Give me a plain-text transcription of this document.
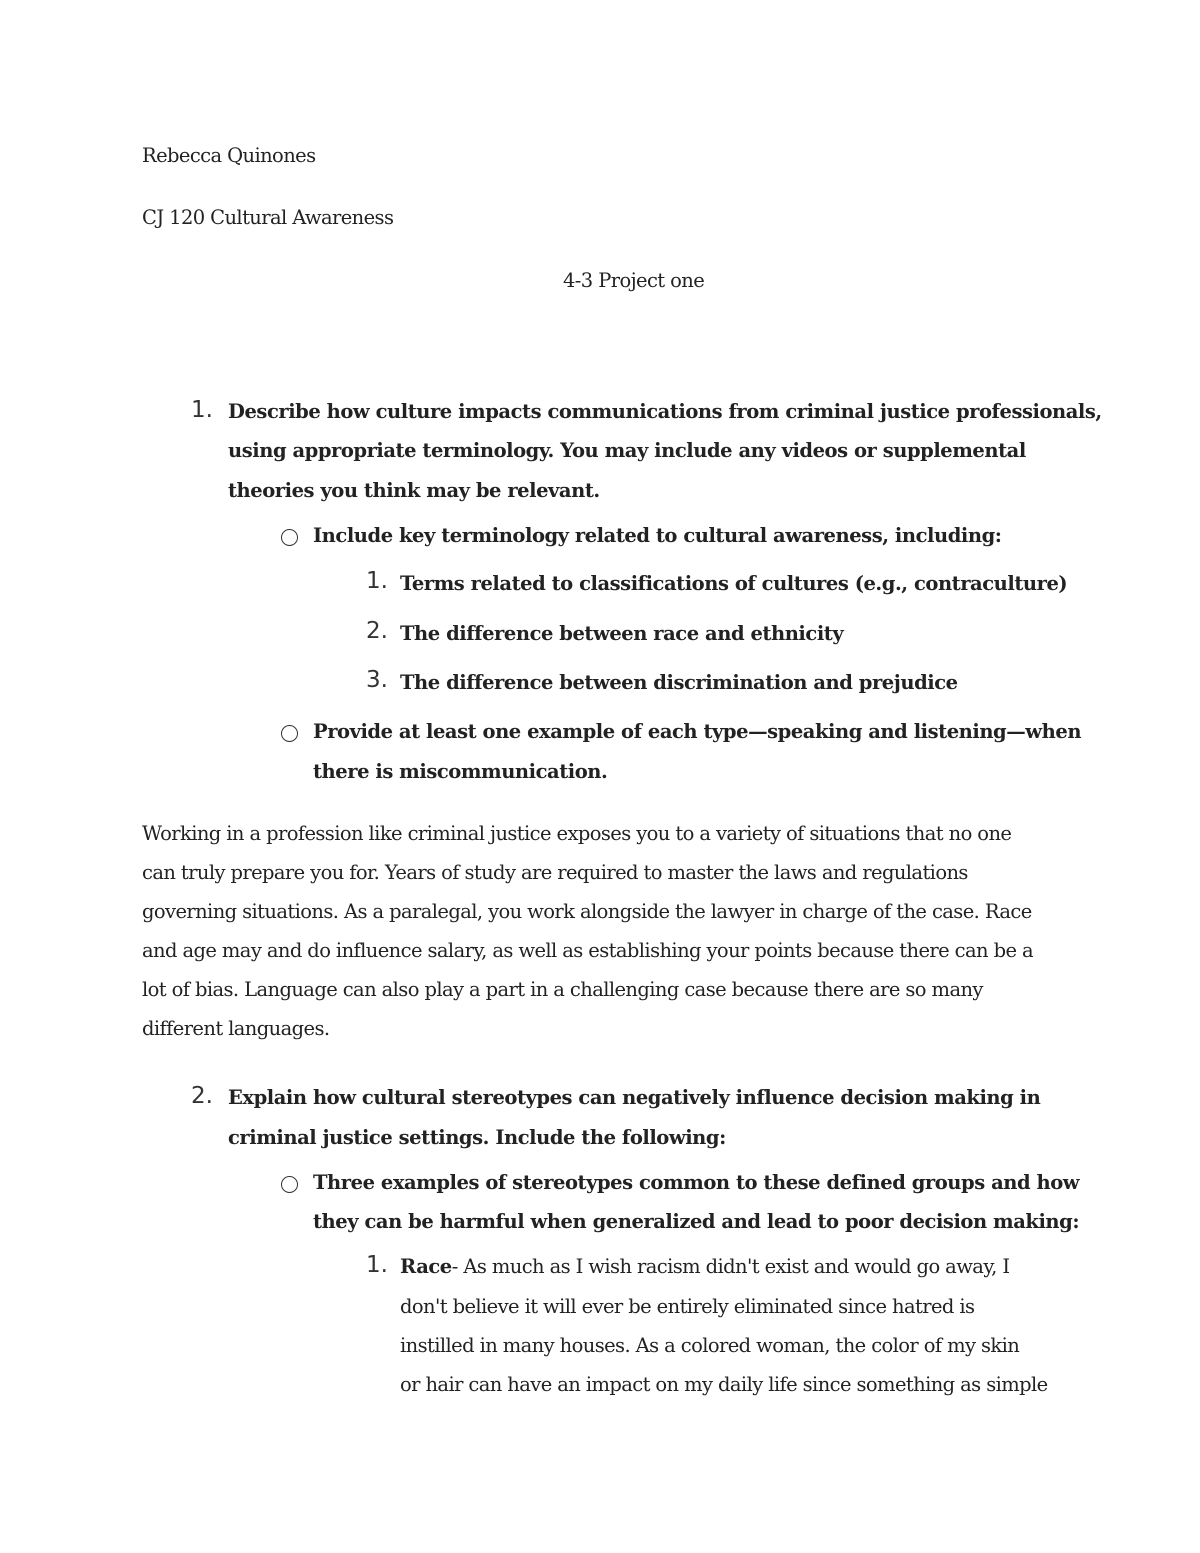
Rebecca Quinones
CJ 120 Cultural Awareness
4-3 Project one
1. Describe how culture impacts communications from criminal justice professionals,
using appropriate terminology. You may include any videos or supplemental
theories you think may be relevant.
Include key terminology related to cultural awareness, including:
1. Terms related to classifications of cultures (e.g., contraculture)
2. The difference between race and ethnicity
3. The difference between discrimination and prejudice
Provide at least one example of each type—speaking and listening—when
there is miscommunication.
Working in a profession like criminal justice exposes you to a variety of situations that no one
can truly prepare you for. Years of study are required to master the laws and regulations
governing situations. As a paralegal, you work alongside the lawyer in charge of the case. Race
and age may and do influence salary, as well as establishing your points because there can be a
lot of bias. Language can also play a part in a challenging case because there are so many
different languages.
2. Explain how cultural stereotypes can negatively influence decision making in
criminal justice settings. Include the following:
Three examples of stereotypes common to these defined groups and how
they can be harmful when generalized and lead to poor decision making:
1. Race- As much as I wish racism didn't exist and would go away, I
don't believe it will ever be entirely eliminated since hatred is
instilled in many houses. As a colored woman, the color of my skin
or hair can have an impact on my daily life since something as simple
